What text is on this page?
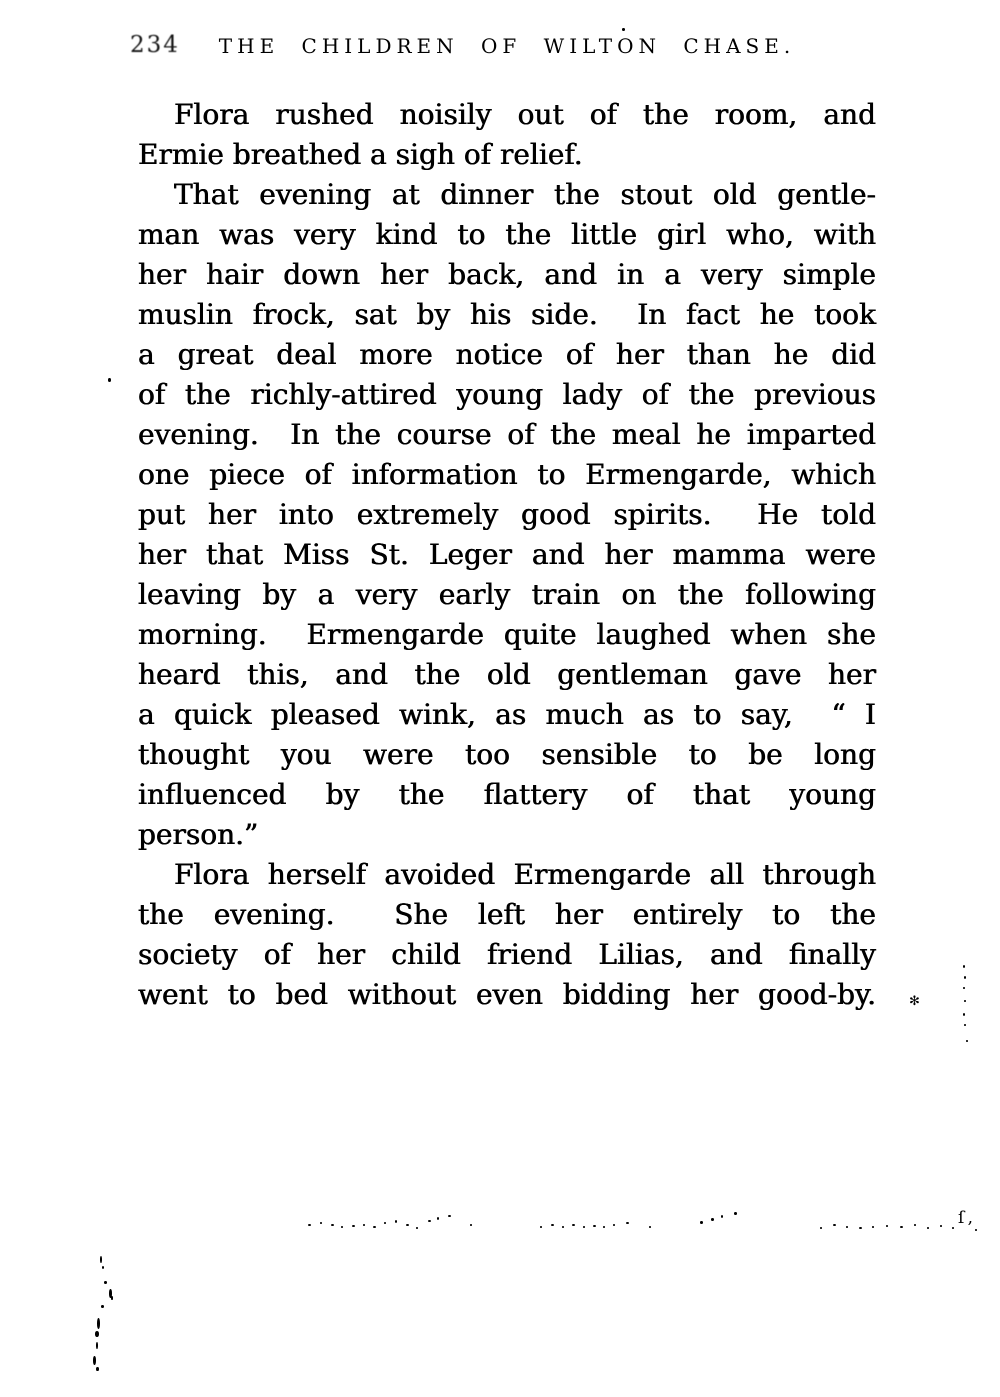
234	THE CHILDREN OF WILTON CHASE.
Flora rushed noisily out of the room, and
Ermie breathed a sigh of relief.
That evening at dinner the stout old gentle-
man was very kind to the little girl who, with
her hair down her back, and in a very simple
muslin frock, sat by his side.  In fact he took
a great deal more notice of her than he did
of the richly-attired young lady of the previous
evening.  In the course of the meal he imparted
one piece of information to Ermengarde, which
put her into extremely good spirits.  He told
her that Miss St. Leger and her mamma were
leaving by a very early train on the following
morning.  Ermengarde quite laughed when she
heard this, and the old gentleman gave her
a quick pleased wink, as much as to say,  “ I
thought you were too sensible to be long
influenced by the flattery of that young
person.”
Flora herself avoided Ermengarde all through
the evening.  She left her entirely to the
society of her child friend Lilias, and finally
went to bed without even bidding her good-by.	✻
ſ ,
